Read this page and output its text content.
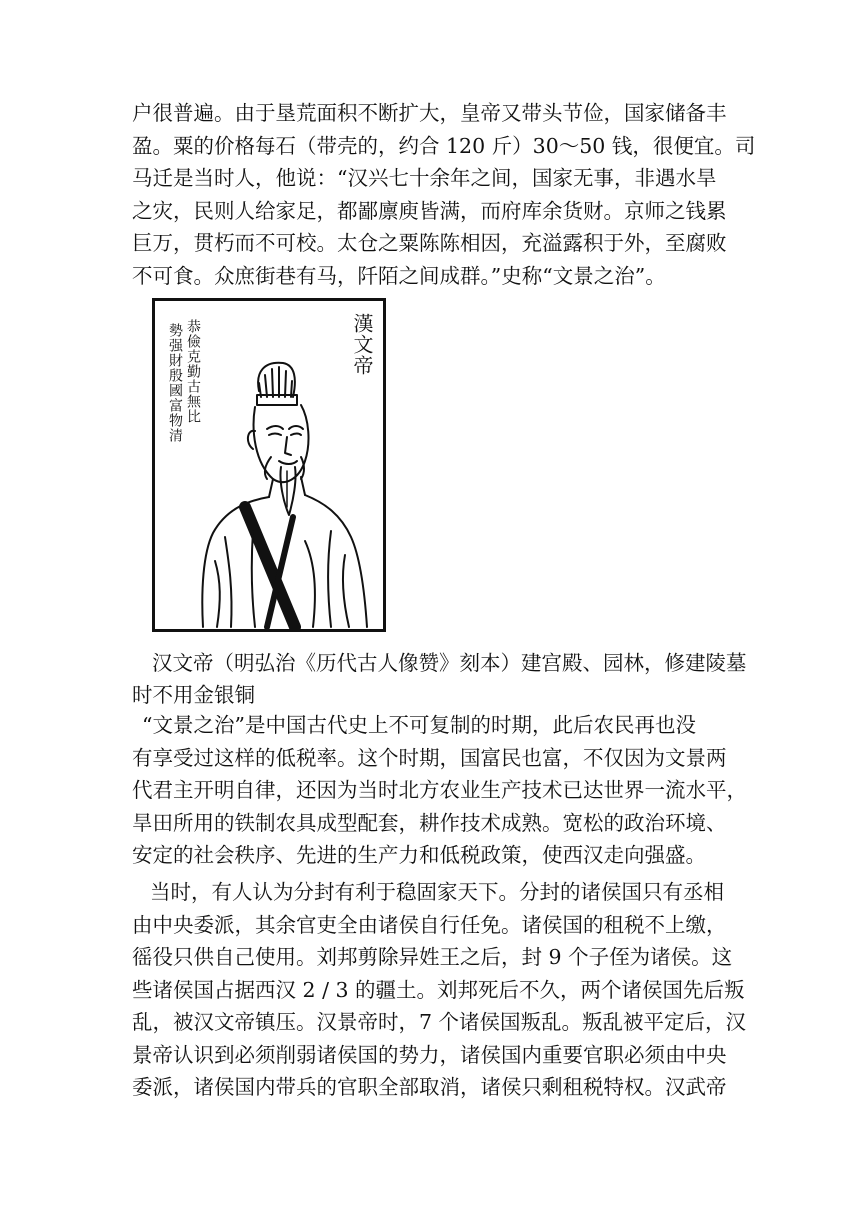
户很普遍。由于垦荒面积不断扩大，皇帝又带头节俭，国家储备丰
盈。粟的价格每石（带壳的，约合 120 斤）30～50 钱，很便宜。司
马迁是当时人，他说：“汉兴七十余年之间，国家无事，非遇水旱
之灾，民则人给家足，都鄙廪庾皆满，而府库余货财。京师之钱累
巨万，贯朽而不可校。太仓之粟陈陈相因，充溢露积于外，至腐败
不可食。众庶街巷有马，阡陌之间成群。”史称“文景之治”。

漢文帝
恭儉克勤古無比
勢强財殷國富物清
汉文帝（明弘治《历代古人像赞》刻本）建宫殿、园林，修建陵墓
时不用金银铜

“文景之治”是中国古代史上不可复制的时期，此后农民再也没
有享受过这样的低税率。这个时期，国富民也富，不仅因为文景两
代君主开明自律，还因为当时北方农业生产技术已达世界一流水平，
旱田所用的铁制农具成型配套，耕作技术成熟。宽松的政治环境、
安定的社会秩序、先进的生产力和低税政策，使西汉走向强盛。

当时，有人认为分封有利于稳固家天下。分封的诸侯国只有丞相
由中央委派，其余官吏全由诸侯自行任免。诸侯国的租税不上缴，
徭役只供自己使用。刘邦剪除异姓王之后，封 9 个子侄为诸侯。这
些诸侯国占据西汉 2 / 3 的疆土。刘邦死后不久，两个诸侯国先后叛
乱，被汉文帝镇压。汉景帝时，7 个诸侯国叛乱。叛乱被平定后，汉
景帝认识到必须削弱诸侯国的势力，诸侯国内重要官职必须由中央
委派，诸侯国内带兵的官职全部取消，诸侯只剩租税特权。汉武帝
